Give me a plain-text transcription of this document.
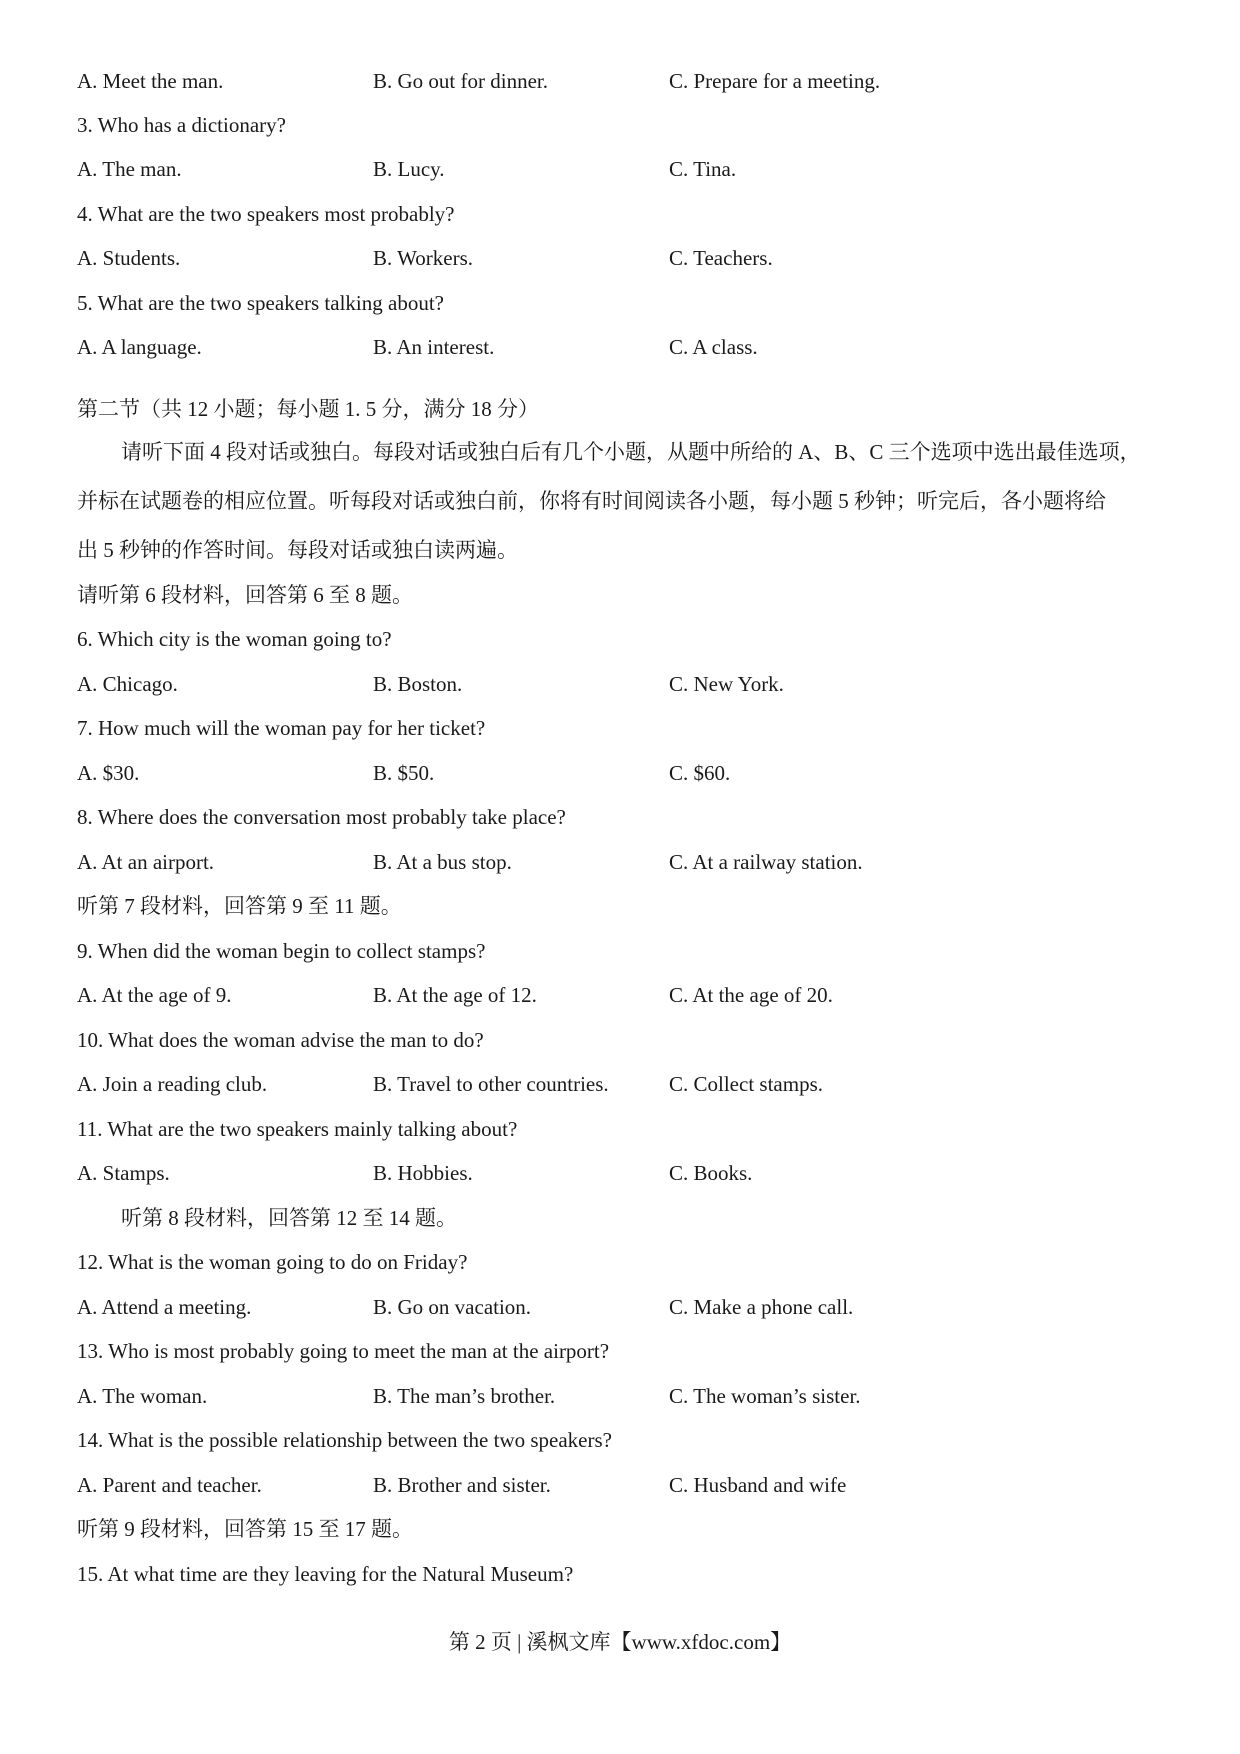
A. Meet the man.	B. Go out for dinner.	C. Prepare for a meeting.
3. Who has a dictionary?
A. The man.	B. Lucy.	C. Tina.
4. What are the two speakers most probably?
A. Students.	B. Workers.	C. Teachers.
5. What are the two speakers talking about?
A. A language.	B. An interest.	C. A class.
第二节（共 12 小题；每小题 1. 5 分，满分 18 分）
请听下面 4 段对话或独白。每段对话或独白后有几个小题，从题中所给的 A、B、C 三个选项中选出最佳选项，
并标在试题卷的相应位置。听每段对话或独白前，你将有时间阅读各小题，每小题 5 秒钟；听完后，各小题将给
出 5 秒钟的作答时间。每段对话或独白读两遍。
请听第 6 段材料，回答第 6 至 8 题。
6. Which city is the woman going to?
A. Chicago.	B. Boston.	C. New York.
7. How much will the woman pay for her ticket?
A. $30.	B. $50.	C. $60.
8. Where does the conversation most probably take place?
A. At an airport.	B. At a bus stop.	C. At a railway station.
听第 7 段材料，回答第 9 至 11 题。
9. When did the woman begin to collect stamps?
A. At the age of 9.	B. At the age of 12.	C. At the age of 20.
10. What does the woman advise the man to do?
A. Join a reading club.	B. Travel to other countries.	C. Collect stamps.
11. What are the two speakers mainly talking about?
A. Stamps.	B. Hobbies.	C. Books.
听第 8 段材料，回答第 12 至 14 题。
12. What is the woman going to do on Friday?
A. Attend a meeting.	B. Go on vacation.	C. Make a phone call.
13. Who is most probably going to meet the man at the airport?
A. The woman.	B. The man’s brother.	C. The woman’s sister.
14. What is the possible relationship between the two speakers?
A. Parent and teacher.	B. Brother and sister.	C. Husband and wife
听第 9 段材料，回答第 15 至 17 题。
15. At what time are they leaving for the Natural Museum?
第 2 页 | 溪枫文库【www.xfdoc.com】
